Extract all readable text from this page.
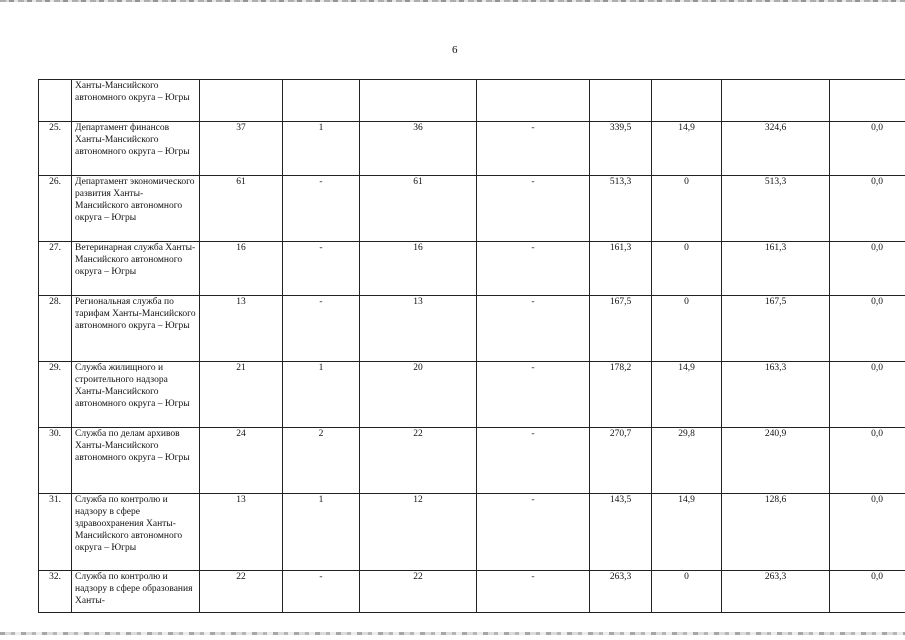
6
	Ханты-Мансийского автономного округа – Югры								
25.	Департамент финансов Ханты-Мансийского автономного округа – Югры	37	1	36	-	339,5	14,9	324,6	0,0
26.	Департамент экономического развития Ханты-Мансийского автономного округа – Югры	61	-	61	-	513,3	0	513,3	0,0
27.	Ветеринарная служба Ханты-Мансийского автономного округа – Югры	16	-	16	-	161,3	0	161,3	0,0
28.	Региональная служба по тарифам Ханты-Мансийского автономного округа – Югры	13	-	13	-	167,5	0	167,5	0,0
29.	Служба жилищного и строительного надзора Ханты-Мансийского автономного округа – Югры	21	1	20	-	178,2	14,9	163,3	0,0
30.	Служба по делам архивов Ханты-Мансийского автономного округа – Югры	24	2	22	-	270,7	29,8	240,9	0,0
31.	Служба по контролю и надзору в сфере здравоохранения Ханты-Мансийского автономного округа – Югры	13	1	12	-	143,5	14,9	128,6	0,0
32.	Служба по контролю и надзору в сфере образования Ханты-	22	-	22	-	263,3	0	263,3	0,0
